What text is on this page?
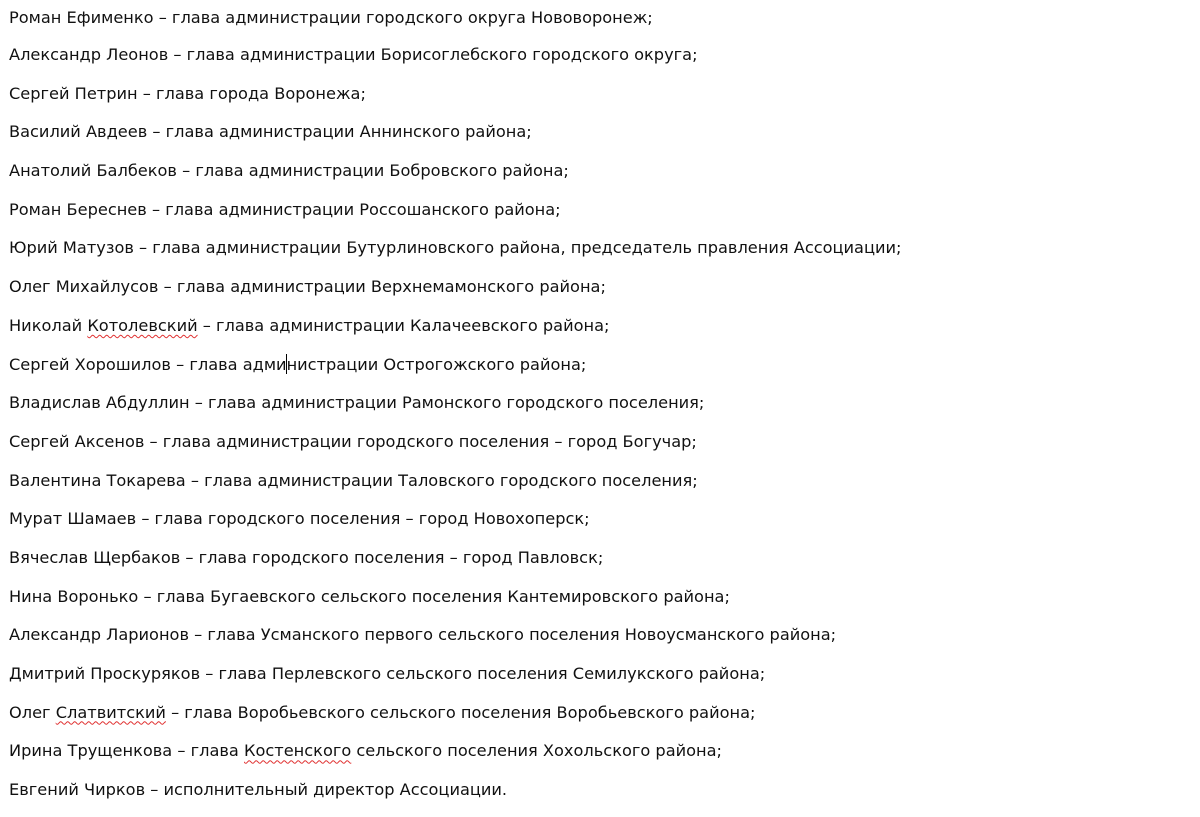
Роман Ефименко – глава администрации городского округа Нововоронеж;
Александр Леонов – глава администрации Борисоглебского городского округа;
Сергей Петрин – глава города Воронежа;
Василий Авдеев – глава администрации Аннинского района;
Анатолий Балбеков – глава администрации Бобровского района;
Роман Береснев – глава администрации Россошанского района;
Юрий Матузов – глава администрации Бутурлиновского района, председатель правления Ассоциации;
Олег Михайлусов – глава администрации Верхнемамонского района;
Николай Котолевский – глава администрации Калачеевского района;
Сергей Хорошилов – глава администрации Острогожского района;
Владислав Абдуллин – глава администрации Рамонского городского поселения;
Сергей Аксенов – глава администрации городского поселения – город Богучар;
Валентина Токарева – глава администрации Таловского городского поселения;
Мурат Шамаев – глава городского поселения – город Новохоперск;
Вячеслав Щербаков – глава городского поселения – город Павловск;
Нина Воронько – глава Бугаевского сельского поселения Кантемировского района;
Александр Ларионов – глава Усманского первого сельского поселения Новоусманского района;
Дмитрий Проскуряков – глава Перлевского сельского поселения Семилукского района;
Олег Слатвитский – глава Воробьевского сельского поселения Воробьевского района;
Ирина Трущенкова – глава Костенского сельского поселения Хохольского района;
Евгений Чирков – исполнительный директор Ассоциации.
